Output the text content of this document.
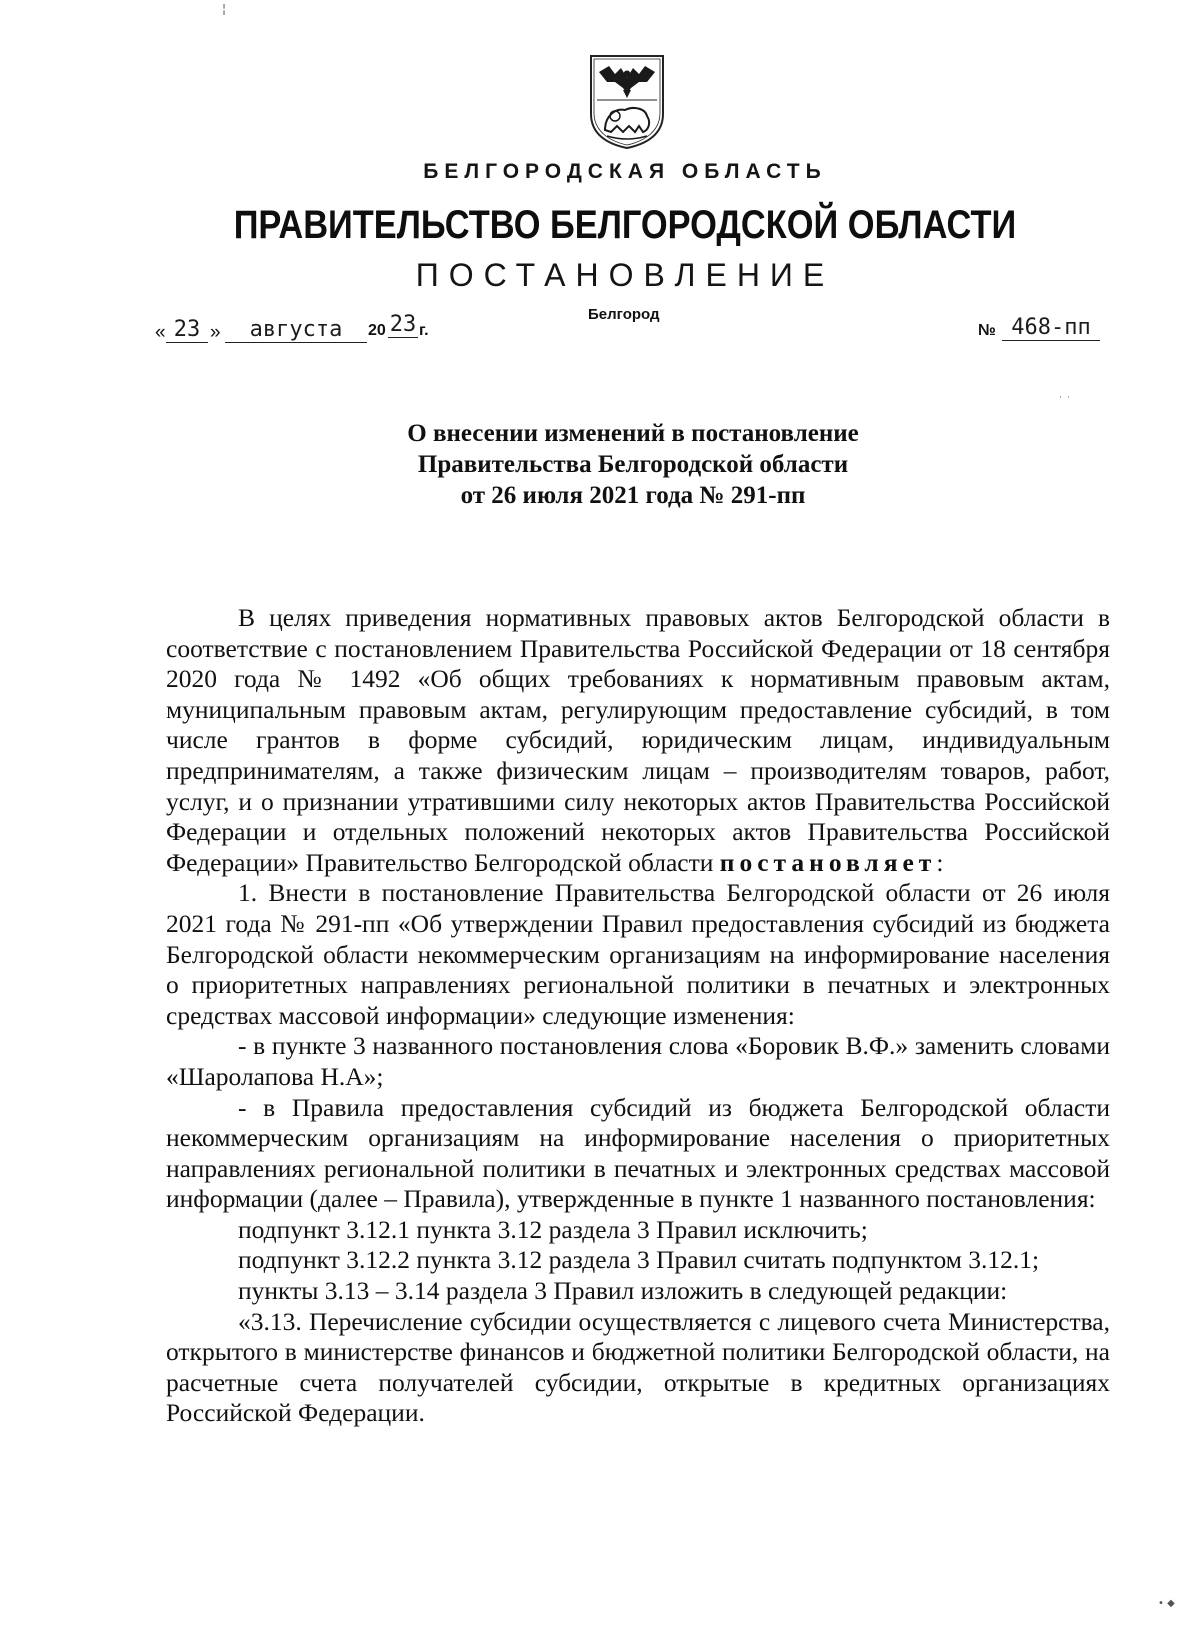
БЕЛГОРОДСКАЯ ОБЛАСТЬ
ПРАВИТЕЛЬСТВО БЕЛГОРОДСКОЙ ОБЛАСТИ
ПОСТАНОВЛЕНИЕ
Белгород
« 23 »	августа	20 23 г.	№ 468-пп
О внесении изменений в постановление
Правительства Белгородской области
от 26 июля 2021 года № 291-пп

В целях приведения нормативных правовых актов Белгородской области в соответствие с постановлением Правительства Российской Федерации от 18 сентября 2020 года № 1492 «Об общих требованиях к нормативным правовым актам, муниципальным правовым актам, регулирующим предоставление субсидий, в том числе грантов в форме субсидий, юридическим лицам, индивидуальным предпринимателям, а также физическим лицам – производителям товаров, работ, услуг, и о признании утратившими силу некоторых актов Правительства Российской Федерации и отдельных положений некоторых актов Правительства Российской Федерации» Правительство Белгородской области постановляет:

1. Внести в постановление Правительства Белгородской области от 26 июля 2021 года № 291-пп «Об утверждении Правил предоставления субсидий из бюджета Белгородской области некоммерческим организациям на информирование населения о приоритетных направлениях региональной политики в печатных и электронных средствах массовой информации» следующие изменения:

- в пункте 3 названного постановления слова «Боровик В.Ф.» заменить словами «Шаролапова Н.А»;

- в Правила предоставления субсидий из бюджета Белгородской области некоммерческим организациям на информирование населения о приоритетных направлениях региональной политики в печатных и электронных средствах массовой информации (далее – Правила), утвержденные в пункте 1 названного постановления:

подпункт 3.12.1 пункта 3.12 раздела 3 Правил исключить;

подпункт 3.12.2 пункта 3.12 раздела 3 Правил считать подпунктом 3.12.1;

пункты 3.13 – 3.14 раздела 3 Правил изложить в следующей редакции:

«3.13. Перечисление субсидии осуществляется с лицевого счета Министерства, открытого в министерстве финансов и бюджетной политики Белгородской области, на расчетные счета получателей субсидии, открытые в кредитных организациях Российской Федерации.

¦
˙ ˙
• ◆
